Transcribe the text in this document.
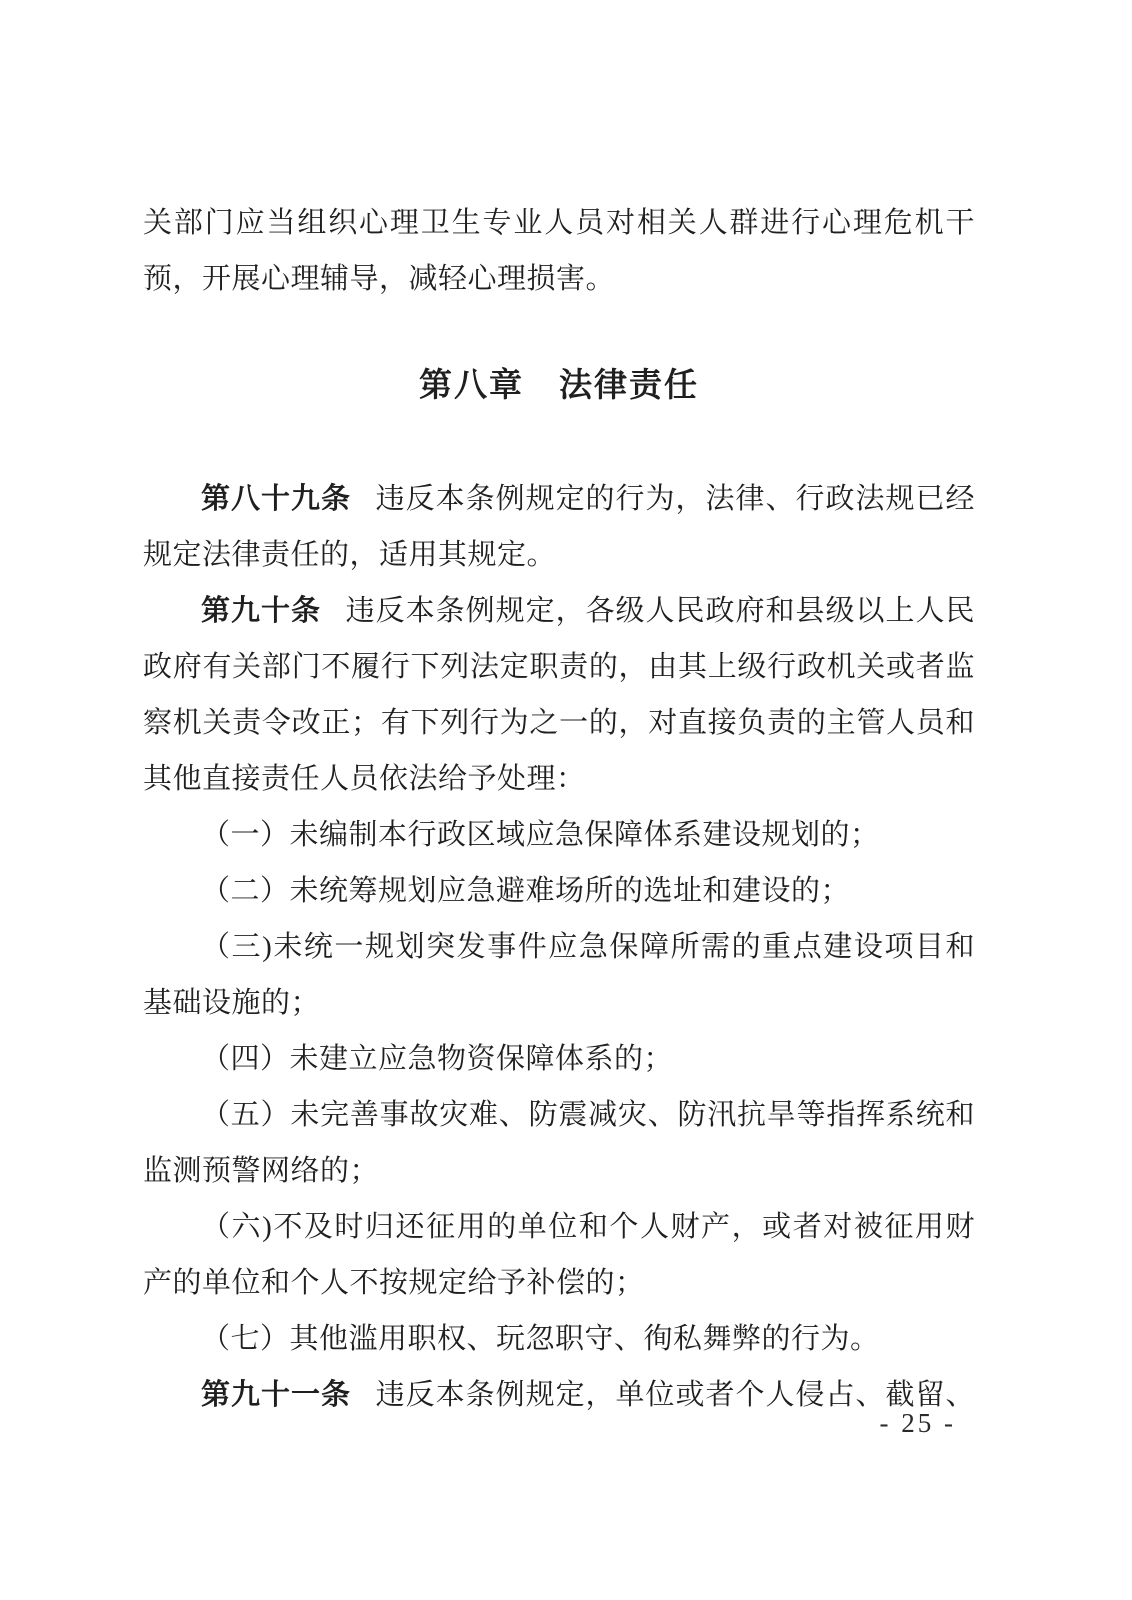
关部门应当组织心理卫生专业人员对相关人群进行心理危机干
预，开展心理辅导，减轻心理损害。
第八章　法律责任
第八十九条 违反本条例规定的行为，法律、行政法规已经
规定法律责任的，适用其规定。
第九十条 违反本条例规定，各级人民政府和县级以上人民
政府有关部门不履行下列法定职责的，由其上级行政机关或者监
察机关责令改正；有下列行为之一的，对直接负责的主管人员和
其他直接责任人员依法给予处理：
（一）未编制本行政区域应急保障体系建设规划的；
（二）未统筹规划应急避难场所的选址和建设的；
（三)未统一规划突发事件应急保障所需的重点建设项目和
基础设施的；
（四）未建立应急物资保障体系的；
（五）未完善事故灾难、防震减灾、防汛抗旱等指挥系统和
监测预警网络的；
（六)不及时归还征用的单位和个人财产，或者对被征用财
产的单位和个人不按规定给予补偿的；
（七）其他滥用职权、玩忽职守、徇私舞弊的行为。
第九十一条 违反本条例规定，单位或者个人侵占、截留、
- 25 -
